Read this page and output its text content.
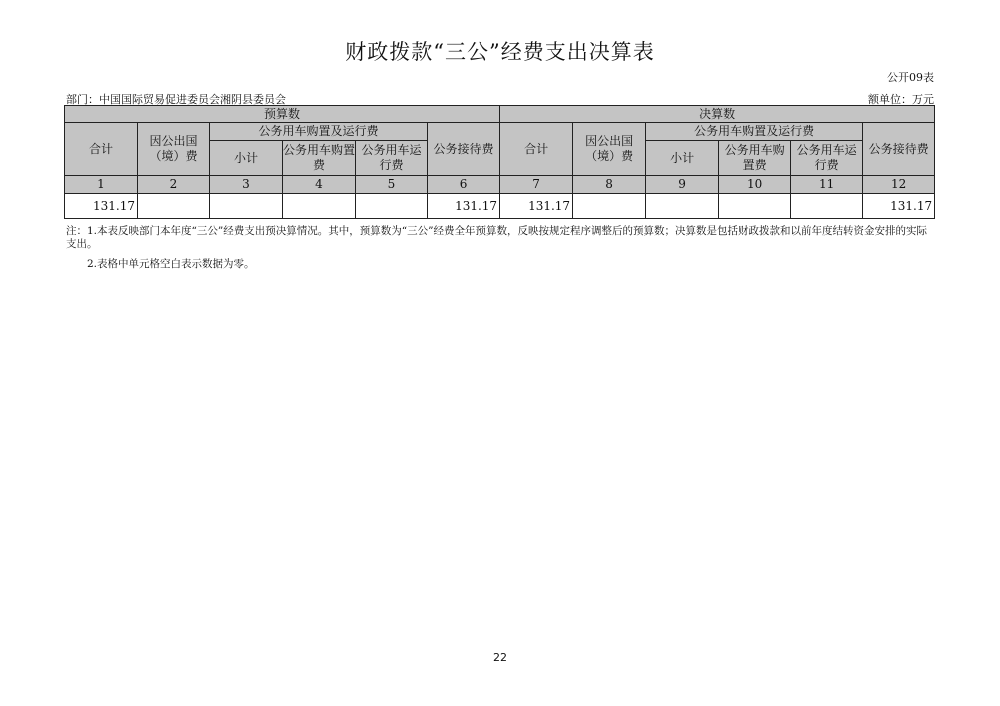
财政拨款“三公”经费支出决算表
公开09表
部门：中国国际贸易促进委员会湘阴县委员会	额单位：万元
预算数						决算数					
合计	因公出国（境）费	公务用车购置及运行费			公务接待费	合计	因公出国（境）费	公务用车购置及运行费			公务接待费
		小计	公务用车购置费	公务用车运行费				小计	公务用车购置费	公务用车运行费	
1	2	3	4	5	6	7	8	9	10	11	12
131.17					131.17	131.17					131.17
注：1.本表反映部门本年度“三公”经费支出预决算情况。其中，预算数为“三公”经费全年预算数，反映按规定程序调整后的预算数；决算数是包括财政拨款和以前年度结转资金安排的实际支出。
2.表格中单元格空白表示数据为零。
22
